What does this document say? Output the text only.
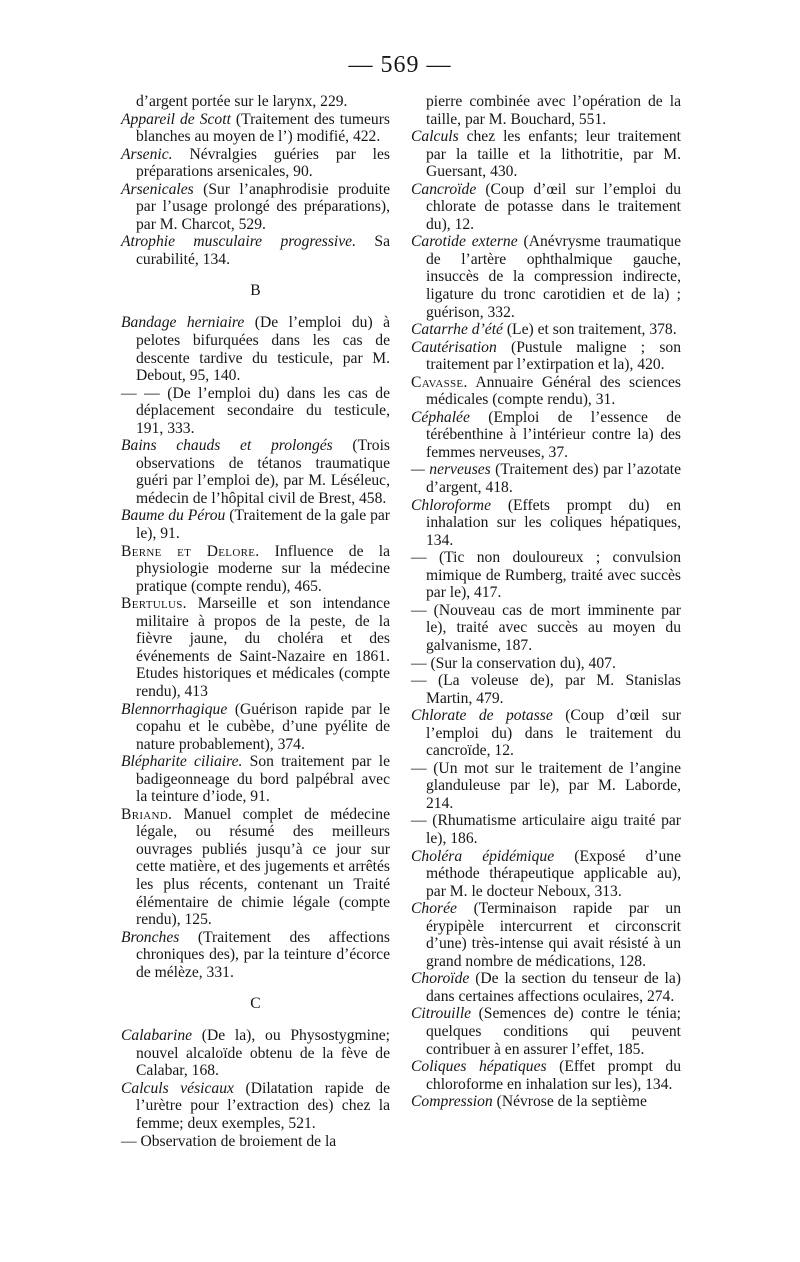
— 569 —

d’argent portée sur le larynx, 229.

Appareil de Scott (Traitement des tumeurs blanches au moyen de l’) modifié, 422.

Arsenic. Névralgies guéries par les préparations arsenicales, 90.

Arsenicales (Sur l’anaphrodisie produite par l’usage prolongé des préparations), par M. Charcot, 529.

Atrophie musculaire progressive. Sa curabilité, 134.

B

Bandage herniaire (De l’emploi du) à pelotes bifurquées dans les cas de descente tardive du testicule, par M. Debout, 95, 140.

— — (De l’emploi du) dans les cas de déplacement secondaire du testicule, 191, 333.

Bains chauds et prolongés (Trois observations de tétanos traumatique guéri par l’emploi de), par M. Léséleuc, médecin de l’hôpital civil de Brest, 458.

Baume du Pérou (Traitement de la gale par le), 91.

Berne et Delore. Influence de la physiologie moderne sur la médecine pratique (compte rendu), 465.

Bertulus. Marseille et son intendance militaire à propos de la peste, de la fièvre jaune, du choléra et des événements de Saint-Nazaire en 1861. Etudes historiques et médicales (compte rendu), 413

Blennorrhagique (Guérison rapide par le copahu et le cubèbe, d’une pyélite de nature probablement), 374.

Blépharite ciliaire. Son traitement par le badigeonneage du bord palpébral avec la teinture d’iode, 91.

Briand. Manuel complet de médecine légale, ou résumé des meilleurs ouvrages publiés jusqu’à ce jour sur cette matière, et des jugements et arrêtés les plus récents, contenant un Traité élémentaire de chimie légale (compte rendu), 125.

Bronches (Traitement des affections chroniques des), par la teinture d’écorce de mélèze, 331.

C

Calabarine (De la), ou Physostygmine; nouvel alcaloïde obtenu de la fève de Calabar, 168.

Calculs vésicaux (Dilatation rapide de l’urètre pour l’extraction des) chez la femme; deux exemples, 521.

— Observation de broiement de la

pierre combinée avec l’opération de la taille, par M. Bouchard, 551.

Calculs chez les enfants; leur traitement par la taille et la lithotritie, par M. Guersant, 430.

Cancroïde (Coup d’œil sur l’emploi du chlorate de potasse dans le traitement du), 12.

Carotide externe (Anévrysme traumatique de l’artère ophthalmique gauche, insuccès de la compression indirecte, ligature du tronc carotidien et de la) ; guérison, 332.

Catarrhe d’été (Le) et son traitement, 378.

Cautérisation (Pustule maligne ; son traitement par l’extirpation et la), 420.

Cavasse. Annuaire Général des sciences médicales (compte rendu), 31.

Céphalée (Emploi de l’essence de térébenthine à l’intérieur contre la) des femmes nerveuses, 37.

— nerveuses (Traitement des) par l’azotate d’argent, 418.

Chloroforme (Effets prompt du) en inhalation sur les coliques hépatiques, 134.

— (Tic non douloureux ; convulsion mimique de Rumberg, traité avec succès par le), 417.

— (Nouveau cas de mort imminente par le), traité avec succès au moyen du galvanisme, 187.

— (Sur la conservation du), 407.

— (La voleuse de), par M. Stanislas Martin, 479.

Chlorate de potasse (Coup d’œil sur l’emploi du) dans le traitement du cancroïde, 12.

— (Un mot sur le traitement de l’angine glanduleuse par le), par M. Laborde, 214.

— (Rhumatisme articulaire aigu traité par le), 186.

Choléra épidémique (Exposé d’une méthode thérapeutique applicable au), par M. le docteur Neboux, 313.

Chorée (Terminaison rapide par un érypipèle intercurrent et circonscrit d’une) très-intense qui avait résisté à un grand nombre de médications, 128.

Choroïde (De la section du tenseur de la) dans certaines affections oculaires, 274.

Citrouille (Semences de) contre le ténia; quelques conditions qui peuvent contribuer à en assurer l’effet, 185.

Coliques hépatiques (Effet prompt du chloroforme en inhalation sur les), 134.

Compression (Névrose de la septième
